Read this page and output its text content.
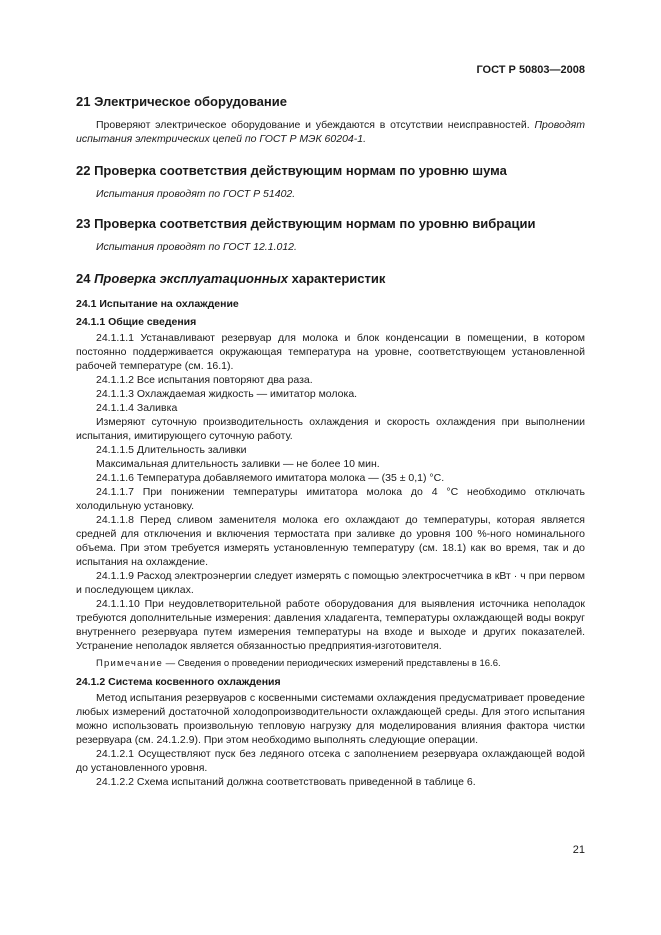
ГОСТ Р 50803—2008
21 Электрическое оборудование

Проверяют электрическое оборудование и убеждаются в отсутствии неисправностей. Проводят испытания электрических цепей по ГОСТ Р МЭК 60204-1.

22 Проверка соответствия действующим нормам по уровню шума

Испытания проводят по ГОСТ Р 51402.

23 Проверка соответствия действующим нормам по уровню вибрации

Испытания проводят по ГОСТ 12.1.012.

24 Проверка эксплуатационных характеристик
24.1 Испытание на охлаждение
24.1.1 Общие сведения

24.1.1.1 Устанавливают резервуар для молока и блок конденсации в помещении, в котором постоянно поддерживается окружающая температура на уровне, соответствующем установленной рабочей температуре (см. 16.1).

24.1.1.2 Все испытания повторяют два раза.

24.1.1.3 Охлаждаемая жидкость — имитатор молока.

24.1.1.4 Заливка

Измеряют суточную производительность охлаждения и скорость охлаждения при выполнении испытания, имитирующего суточную работу.

24.1.1.5 Длительность заливки

Максимальная длительность заливки — не более 10 мин.

24.1.1.6 Температура добавляемого имитатора молока — (35 ± 0,1) °С.

24.1.1.7 При понижении температуры имитатора молока до 4 °С необходимо отключать холодильную установку.

24.1.1.8 Перед сливом заменителя молока его охлаждают до температуры, которая является средней для отключения и включения термостата при заливке до уровня 100 %-ного номинального объема. При этом требуется измерять установленную температуру (см. 18.1) как во время, так и до испытания на охлаждение.

24.1.1.9 Расход электроэнергии следует измерять с помощью электросчетчика в кВт · ч при первом и последующем циклах.

24.1.1.10 При неудовлетворительной работе оборудования для выявления источника неполадок требуются дополнительные измерения: давления хладагента, температуры охлаждающей воды вокруг внутреннего резервуара путем измерения температуры на входе и выходе и других показателей. Устранение неполадок является обязанностью предприятия-изготовителя.

Примечание — Сведения о проведении периодических измерений представлены в 16.6.

24.1.2 Система косвенного охлаждения

Метод испытания резервуаров с косвенными системами охлаждения предусматривает проведение любых измерений достаточной холодопроизводительности охлаждающей среды. Для этого испытания можно использовать произвольную тепловую нагрузку для моделирования влияния фактора чистки резервуара (см. 24.1.2.9). При этом необходимо выполнять следующие операции.

24.1.2.1 Осуществляют пуск без ледяного отсека с заполнением резервуара охлаждающей водой до установленного уровня.

24.1.2.2 Схема испытаний должна соответствовать приведенной в таблице 6.

21
